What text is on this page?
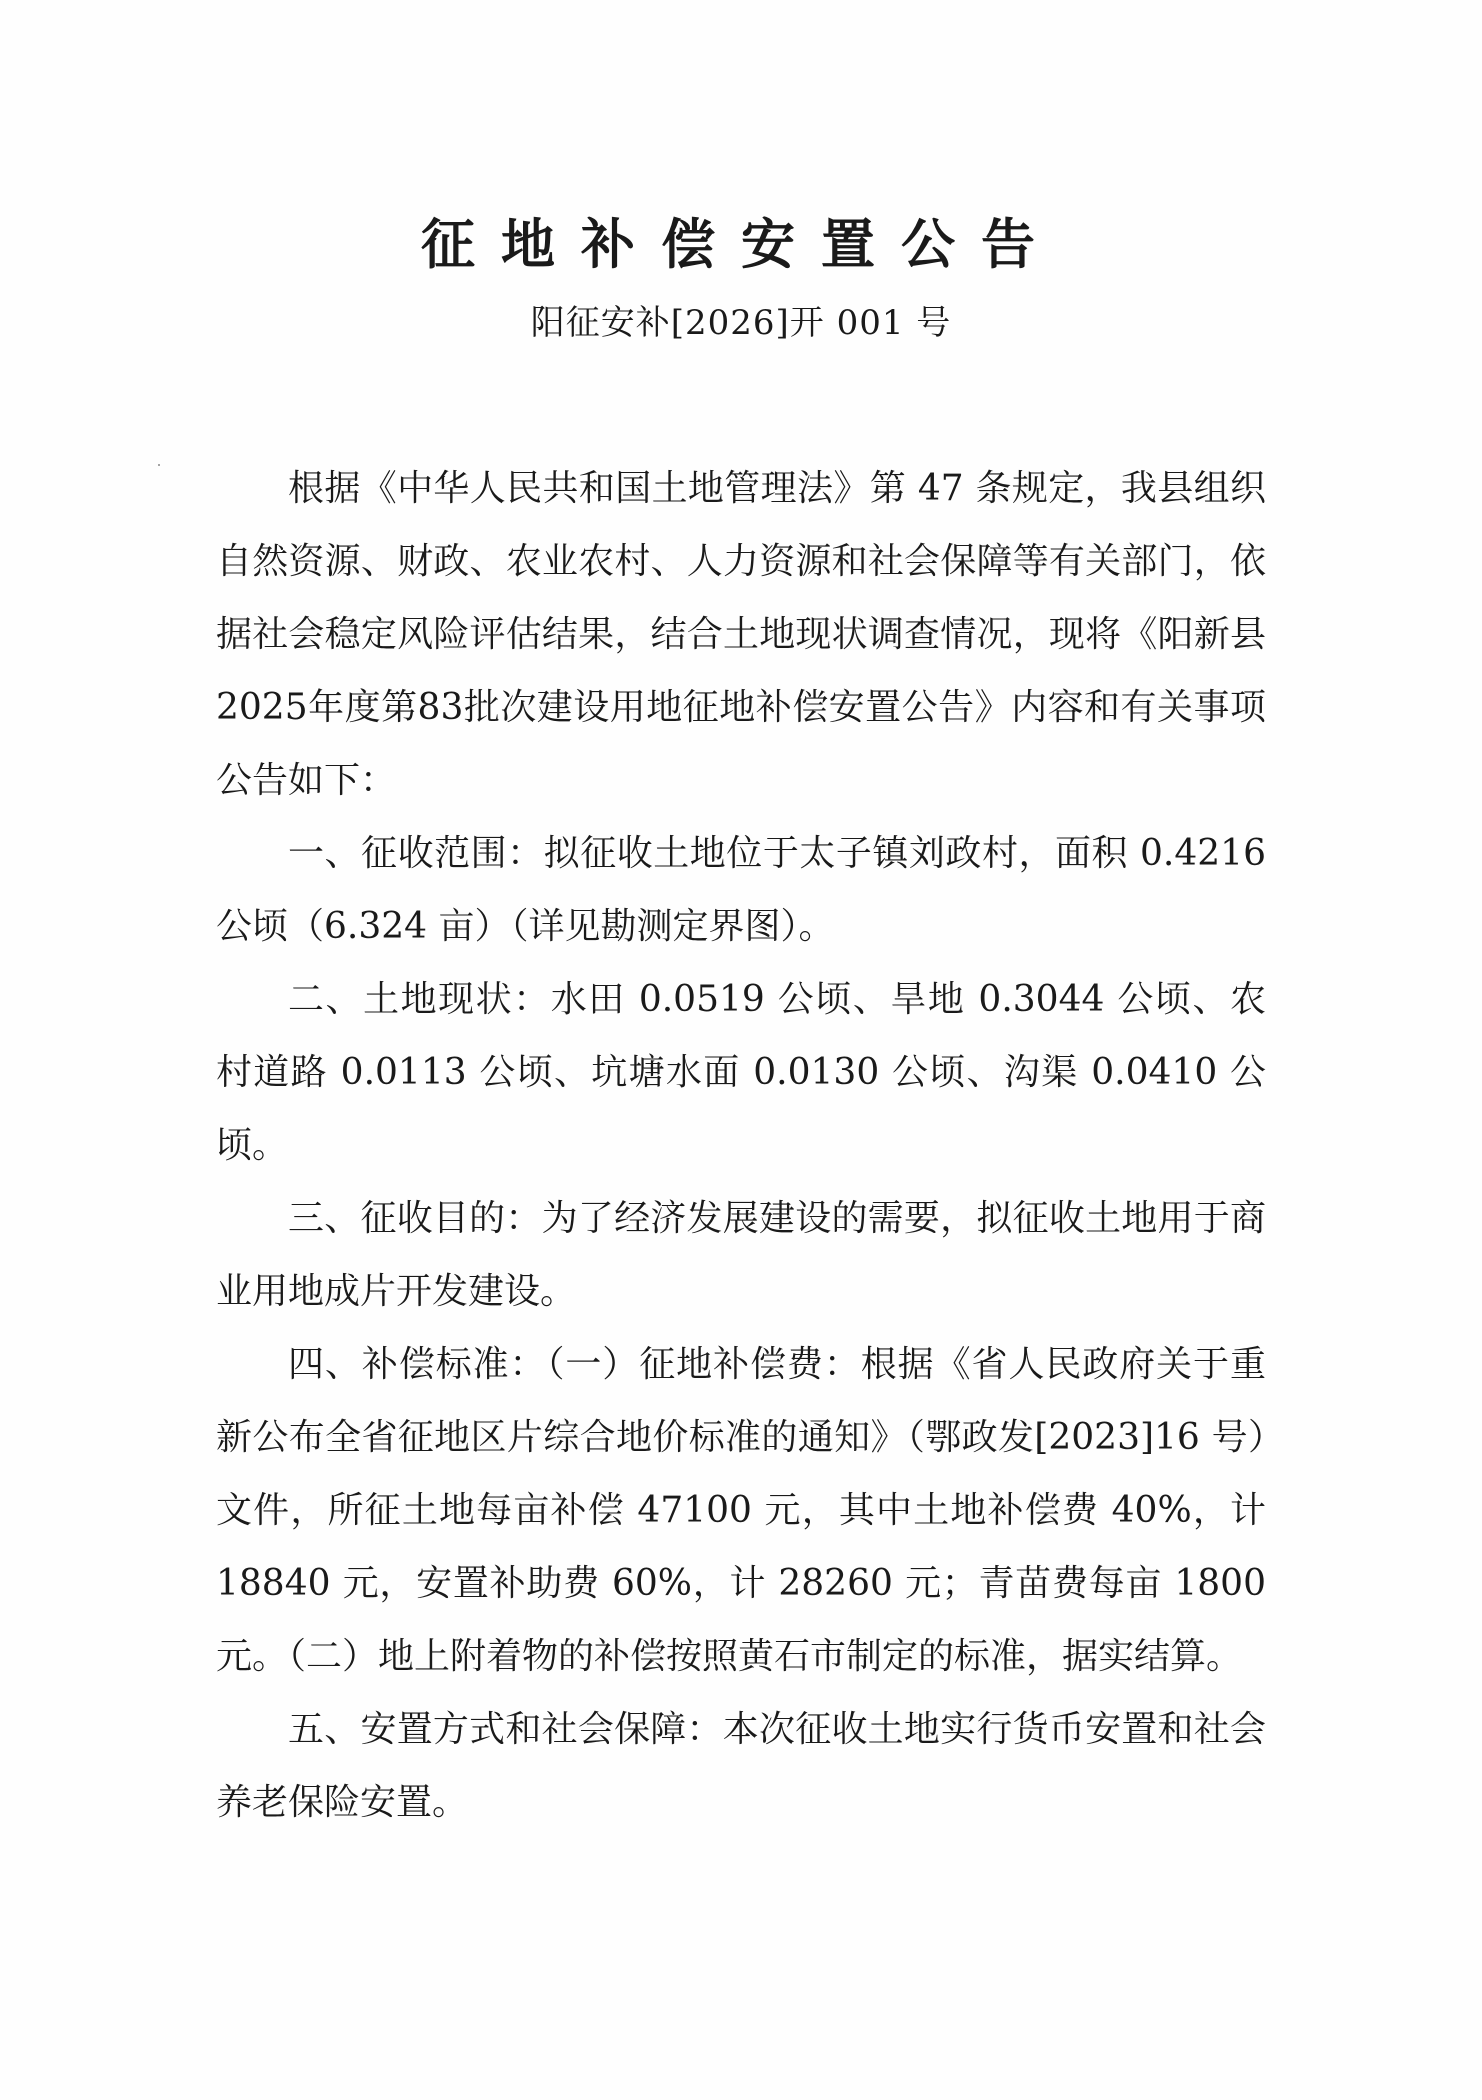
征地补偿安置公告
阳征安补[2026]开 001 号

根据《中华人民共和国土地管理法》第 47 条规定，我县组织自然资源、财政、农业农村、人力资源和社会保障等有关部门，依据社会稳定风险评估结果，结合土地现状调查情况，现将《阳新县2025年度第83批次建设用地征地补偿安置公告》内容和有关事项公告如下：

一、征收范围：拟征收土地位于太子镇刘政村，面积 0.4216 公顷（6.324 亩）（详见勘测定界图）。

二、土地现状：水田 0.0519 公顷、旱地 0.3044 公顷、农村道路 0.0113 公顷、坑塘水面 0.0130 公顷、沟渠 0.0410 公顷。

三、征收目的：为了经济发展建设的需要，拟征收土地用于商业用地成片开发建设。

四、补偿标准：（一）征地补偿费：根据《省人民政府关于重新公布全省征地区片综合地价标准的通知》（鄂政发[2023]16 号）文件，所征土地每亩补偿 47100 元，其中土地补偿费 40%，计 18840 元，安置补助费 60%，计 28260 元；青苗费每亩 1800 元。（二）地上附着物的补偿按照黄石市制定的标准，据实结算。

五、安置方式和社会保障：本次征收土地实行货币安置和社会养老保险安置。
